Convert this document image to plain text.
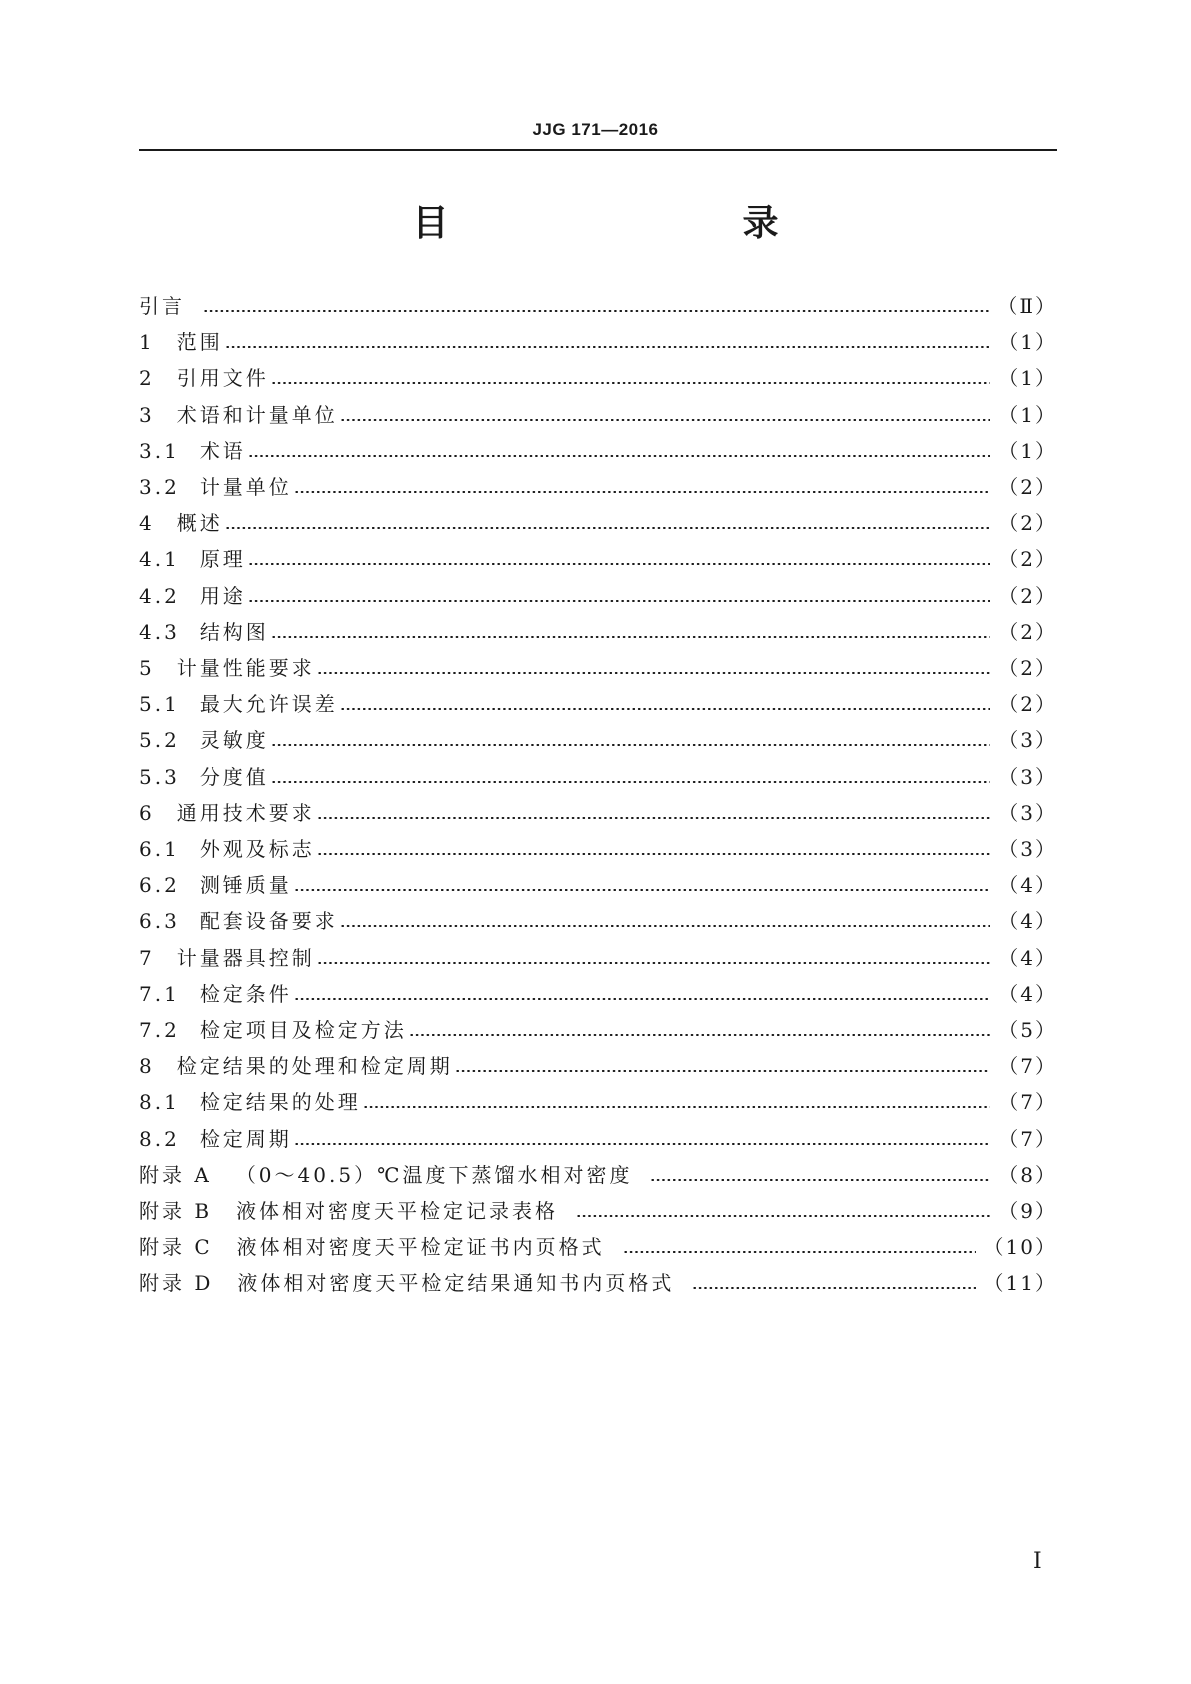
JJG 171—2016
目　　录
引言	（Ⅱ）
1 范围	（1）
2 引用文件	（1）
3 术语和计量单位	（1）
3.1 术语	（1）
3.2 计量单位	（2）
4 概述	（2）
4.1 原理	（2）
4.2 用途	（2）
4.3 结构图	（2）
5 计量性能要求	（2）
5.1 最大允许误差	（2）
5.2 灵敏度	（3）
5.3 分度值	（3）
6 通用技术要求	（3）
6.1 外观及标志	（3）
6.2 测锤质量	（4）
6.3 配套设备要求	（4）
7 计量器具控制	（4）
7.1 检定条件	（4）
7.2 检定项目及检定方法	（5）
8 检定结果的处理和检定周期	（7）
8.1 检定结果的处理	（7）
8.2 检定周期	（7）
附录 A （0～40.5）℃温度下蒸馏水相对密度	（8）
附录 B 液体相对密度天平检定记录表格	（9）
附录 C 液体相对密度天平检定证书内页格式	（10）
附录 D 液体相对密度天平检定结果通知书内页格式	（11）
Ⅰ
